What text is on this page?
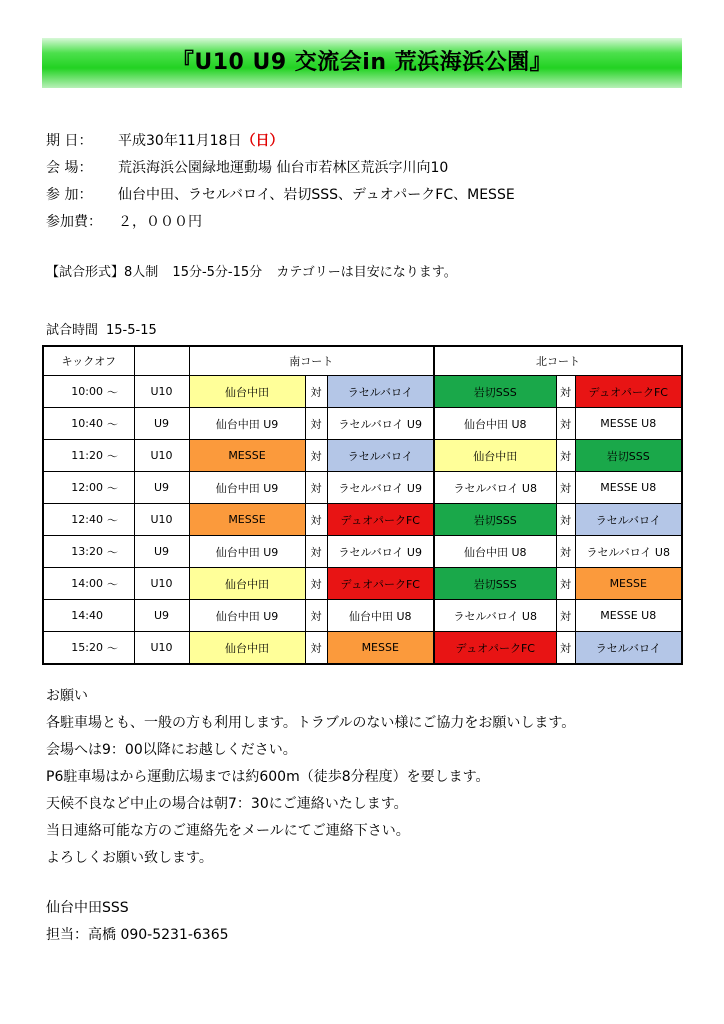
『U10 U9 交流会in 荒浜海浜公園』
期 日： 平成30年11月18日（日）
会 場： 荒浜海浜公園緑地運動場 仙台市若林区荒浜字川向10
参 加： 仙台中田、ラセルバロイ、岩切SSS、デュオパークFC、MESSE
参加費：２，０００円
【試合形式】8人制 15分-5分-15分 カテゴリーは目安になります。
試合時間 15-5-15
キックオフ			南コート			北コート		
10:00	～	U10	仙台中田	対	ラセルバロイ	岩切SSS	対	デュオパークFC
10:40	～	U9	仙台中田 U9	対	ラセルバロイ U9	仙台中田 U8	対	MESSE U8
11:20	～	U10	MESSE	対	ラセルバロイ	仙台中田	対	岩切SSS
12:00	～	U9	仙台中田 U9	対	ラセルバロイ U9	ラセルバロイ U8	対	MESSE U8
12:40	～	U10	MESSE	対	デュオパークFC	岩切SSS	対	ラセルバロイ
13:20	～	U9	仙台中田 U9	対	ラセルバロイ U9	仙台中田 U8	対	ラセルバロイ U8
14:00	～	U10	仙台中田	対	デュオパークFC	岩切SSS	対	MESSE
14:40		U9	仙台中田 U9	対	仙台中田 U8	ラセルバロイ U8	対	MESSE U8
15:20	～	U10	仙台中田	対	MESSE	デュオパークFC	対	ラセルバロイ
お願い
各駐車場とも、一般の方も利用します。トラブルのない様にご協力をお願いします。
会場へは9：00以降にお越しください。
P6駐車場はから運動広場までは約600m（徒歩8分程度）を要します。
天候不良など中止の場合は朝7：30にご連絡いたします。
当日連絡可能な方のご連絡先をメールにてご連絡下さい。
よろしくお願い致します。
仙台中田SSS
担当：高橋 090-5231-6365
